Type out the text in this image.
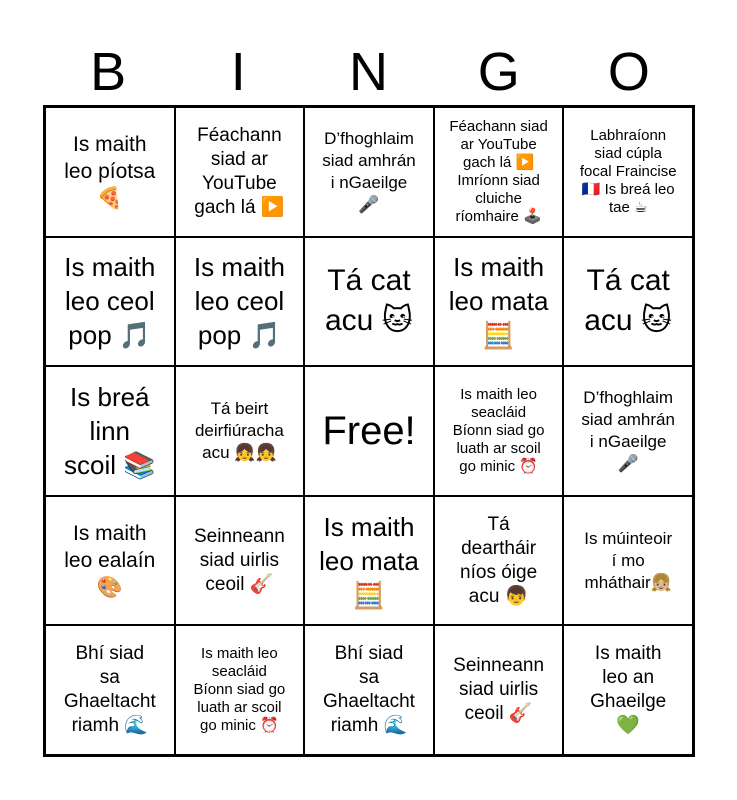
B	I	N	G	O
Is maith
leo píotsa
🍕
Féachann
siad ar
YouTube
gach lá ▶️
D’fhoghlaim
siad amhrán
i nGaeilge
🎤
Féachann siad
ar YouTube
gach lá ▶️
Imríonn siad
cluiche
ríomhaire 🕹️
Labhraíonn
siad cúpla
focal Fraincise
🇫🇷 Is breá leo
tae ☕
Is maith
leo ceol
pop 🎵
Is maith
leo ceol
pop 🎵
Tá cat
acu 🐱
Is maith
leo mata
🧮
Tá cat
acu 🐱
Is breá
linn
scoil 📚
Tá beirt
deirfiúracha
acu 👧👧 Free!
Is maith leo
seacláid
Bíonn siad go
luath ar scoil
go minic ⏰
D’fhoghlaim
siad amhrán
i nGaeilge
🎤
Is maith
leo ealaín
🎨
Seinneann
siad uirlis
ceoil 🎸
Is maith
leo mata
🧮
Tá
deartháir
níos óige
acu 👦
Is múinteoir
í mo
mháthair👧🏼
Bhí siad
sa
Ghaeltacht
riamh 🌊
Is maith leo
seacláid
Bíonn siad go
luath ar scoil
go minic ⏰
Bhí siad
sa
Ghaeltacht
riamh 🌊
Seinneann
siad uirlis
ceoil 🎸
Is maith
leo an
Ghaeilge
💚
